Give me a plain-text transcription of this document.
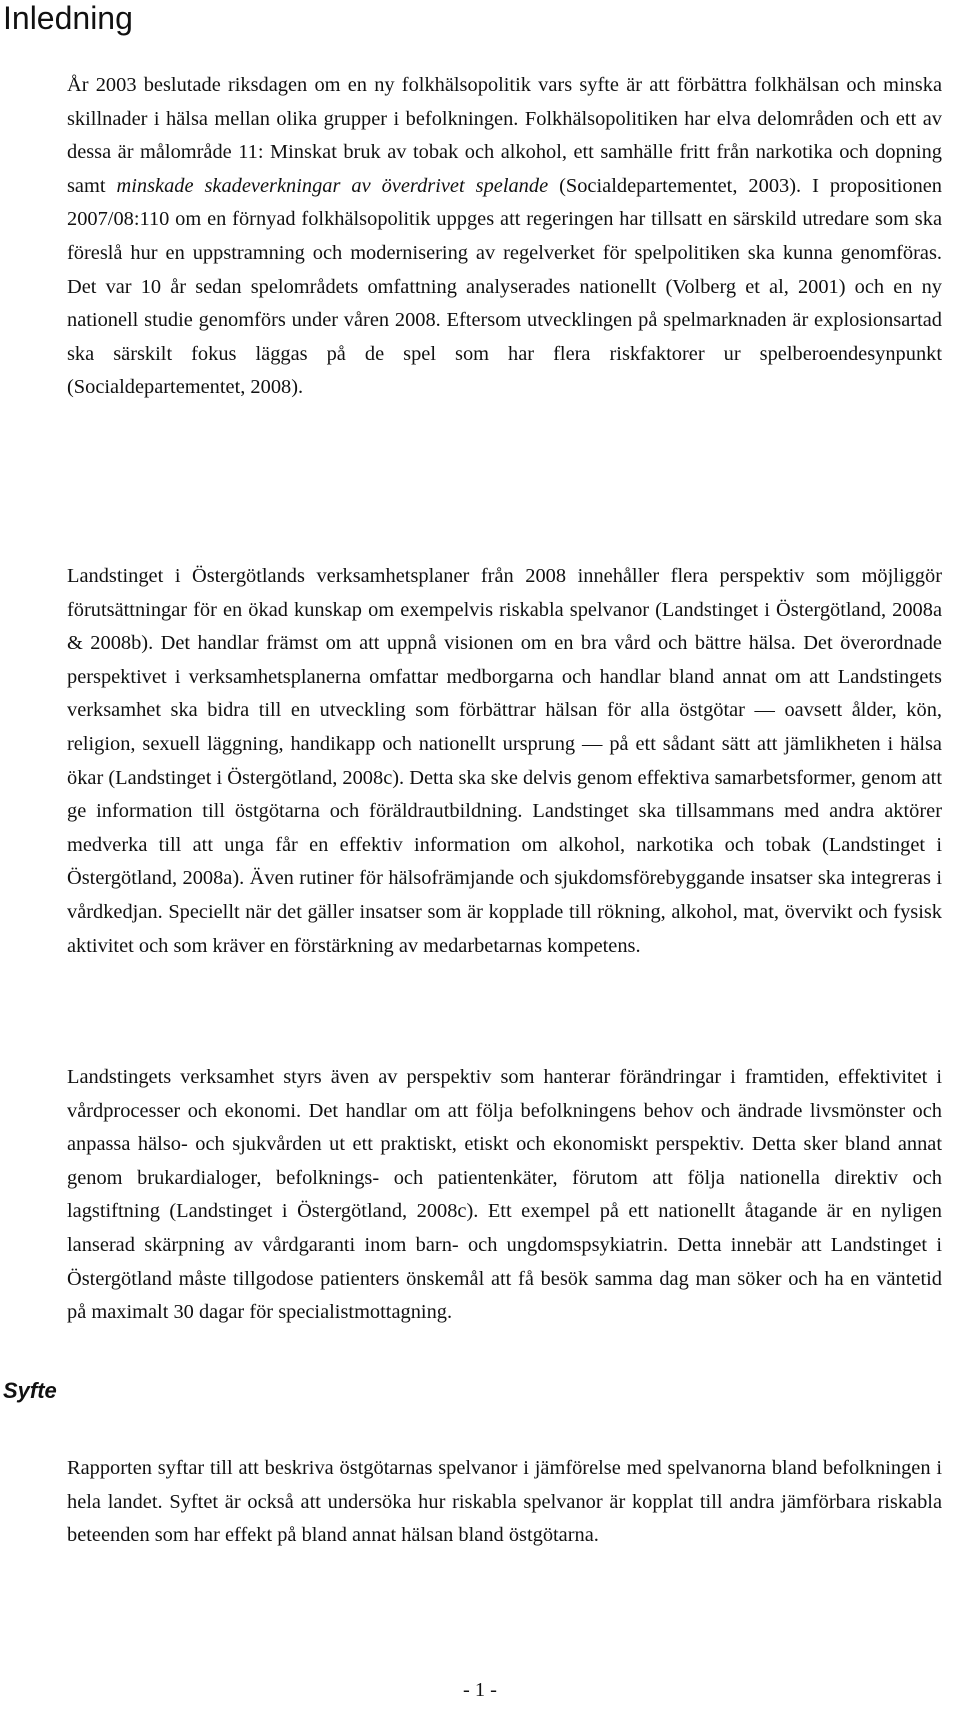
Inledning

År 2003 beslutade riksdagen om en ny folkhälsopolitik vars syfte är att förbättra folkhälsan och minska skillnader i hälsa mellan olika grupper i befolkningen. Folkhälsopolitiken har elva delområden och ett av dessa är målområde 11: Minskat bruk av tobak och alkohol, ett samhälle fritt från narkotika och dopning samt minskade skadeverkningar av överdrivet spelande (Socialdepartementet, 2003). I propositionen 2007/08:110 om en förnyad folkhälsopolitik uppges att regeringen har tillsatt en särskild utredare som ska föreslå hur en uppstramning och modernisering av regelverket för spelpolitiken ska kunna genomföras. Det var 10 år sedan spelområdets omfattning analyserades nationellt (Volberg et al, 2001) och en ny nationell studie genomförs under våren 2008. Eftersom utvecklingen på spelmarknaden är explosionsartad ska särskilt fokus läggas på de spel som har flera riskfaktorer ur spelberoendesynpunkt (Socialdepartementet, 2008).

Landstinget i Östergötlands verksamhetsplaner från 2008 innehåller flera perspektiv som möjliggör förutsättningar för en ökad kunskap om exempelvis riskabla spelvanor (Landstinget i Östergötland, 2008a & 2008b). Det handlar främst om att uppnå visionen om en bra vård och bättre hälsa. Det överordnade perspektivet i verksamhetsplanerna omfattar medborgarna och handlar bland annat om att Landstingets verksamhet ska bidra till en utveckling som förbättrar hälsan för alla östgötar — oavsett ålder, kön, religion, sexuell läggning, handikapp och nationellt ursprung — på ett sådant sätt att jämlikheten i hälsa ökar (Landstinget i Östergötland, 2008c). Detta ska ske delvis genom effektiva samarbetsformer, genom att ge information till östgötarna och föräldrautbildning. Landstinget ska tillsammans med andra aktörer medverka till att unga får en effektiv information om alkohol, narkotika och tobak (Landstinget i Östergötland, 2008a). Även rutiner för hälsofrämjande och sjukdomsförebyggande insatser ska integreras i vårdkedjan. Speciellt när det gäller insatser som är kopplade till rökning, alkohol, mat, övervikt och fysisk aktivitet och som kräver en förstärkning av medarbetarnas kompetens.

Landstingets verksamhet styrs även av perspektiv som hanterar förändringar i framtiden, effektivitet i vårdprocesser och ekonomi. Det handlar om att följa befolkningens behov och ändrade livsmönster och anpassa hälso- och sjukvården ut ett praktiskt, etiskt och ekonomiskt perspektiv. Detta sker bland annat genom brukardialoger, befolknings- och patientenkäter, förutom att följa nationella direktiv och lagstiftning (Landstinget i Östergötland, 2008c). Ett exempel på ett nationellt åtagande är en nyligen lanserad skärpning av vårdgaranti inom barn- och ungdomspsykiatrin. Detta innebär att Landstinget i Östergötland måste tillgodose patienters önskemål att få besök samma dag man söker och ha en väntetid på maximalt 30 dagar för specialistmottagning.

Syfte

Rapporten syftar till att beskriva östgötarnas spelvanor i jämförelse med spelvanorna bland befolkningen i hela landet. Syftet är också att undersöka hur riskabla spelvanor är kopplat till andra jämförbara riskabla beteenden som har effekt på bland annat hälsan bland östgötarna.

- 1 -
